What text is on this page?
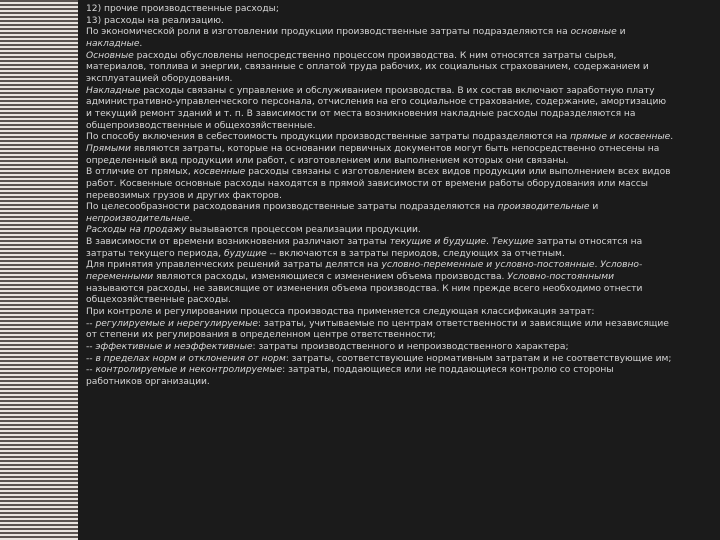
12) прочие производственные расходы;

13) расходы на реализацию.

По экономической роли в изготовлении продукции производственные затраты подразделяются на основные и

накладные.

Основные расходы обусловлены непосредственно процессом производства. К ним относятся затраты сырья,

материалов, топлива и энергии, связанные с оплатой труда рабочих, их социальных страхованием, содержанием и

эксплуатацией оборудования.

Накладные расходы связаны с управление и обслуживанием производства. В их состав включают заработную плату

административно-управленческого персонала, отчисления на его социальное страхование, содержание, амортизацию

и текущий ремонт зданий и т. п. В зависимости от места возникновения накладные расходы подразделяются на

общепроизводственные и общехозяйственные.

По способу включения в себестоимость продукции производственные затраты подразделяются на прямые и косвенные.

Прямыми являются затраты, которые на основании первичных документов могут быть непосредственно отнесены на

определенный вид продукции или работ, с изготовлением или выполнением которых они связаны.

В отличие от прямых, косвенные расходы связаны с изготовлением всех видов продукции или выполнением всех видов

работ. Косвенные основные расходы находятся в прямой зависимости от времени работы оборудования или массы

перевозимых грузов и других факторов.

По целесообразности расходования производственные затраты подразделяются на производительные и

непроизводительные.

Расходы на продажу вызываются процессом реализации продукции.

В зависимости от времени возникновения различают затраты текущие и будущие. Текущие затраты относятся на

затраты текущего периода, будущие -- включаются в затраты периодов, следующих за отчетным.

Для принятия управленческих решений затраты делятся на условно-переменные и условно-постоянные. Условно-

переменными являются расходы, изменяющиеся с изменением объема производства. Условно-постоянными

называются расходы, не зависящие от изменения объема производства. К ним прежде всего необходимо отнести

общехозяйственные расходы.

При контроле и регулировании процесса производства применяется следующая классификация затрат:

-- регулируемые и нерегулируемые: затраты, учитываемые по центрам ответственности и зависящие или независящие

от степени их регулирования в определенном центре ответственности;

-- эффективные и неэффективные: затраты производственного и непроизводственного характера;

-- в пределах норм и отклонения от норм: затраты, соответствующие нормативным затратам и не соответствующие им;

-- контролируемые и неконтролируемые: затраты, поддающиеся или не поддающиеся контролю со стороны

работников организации.
